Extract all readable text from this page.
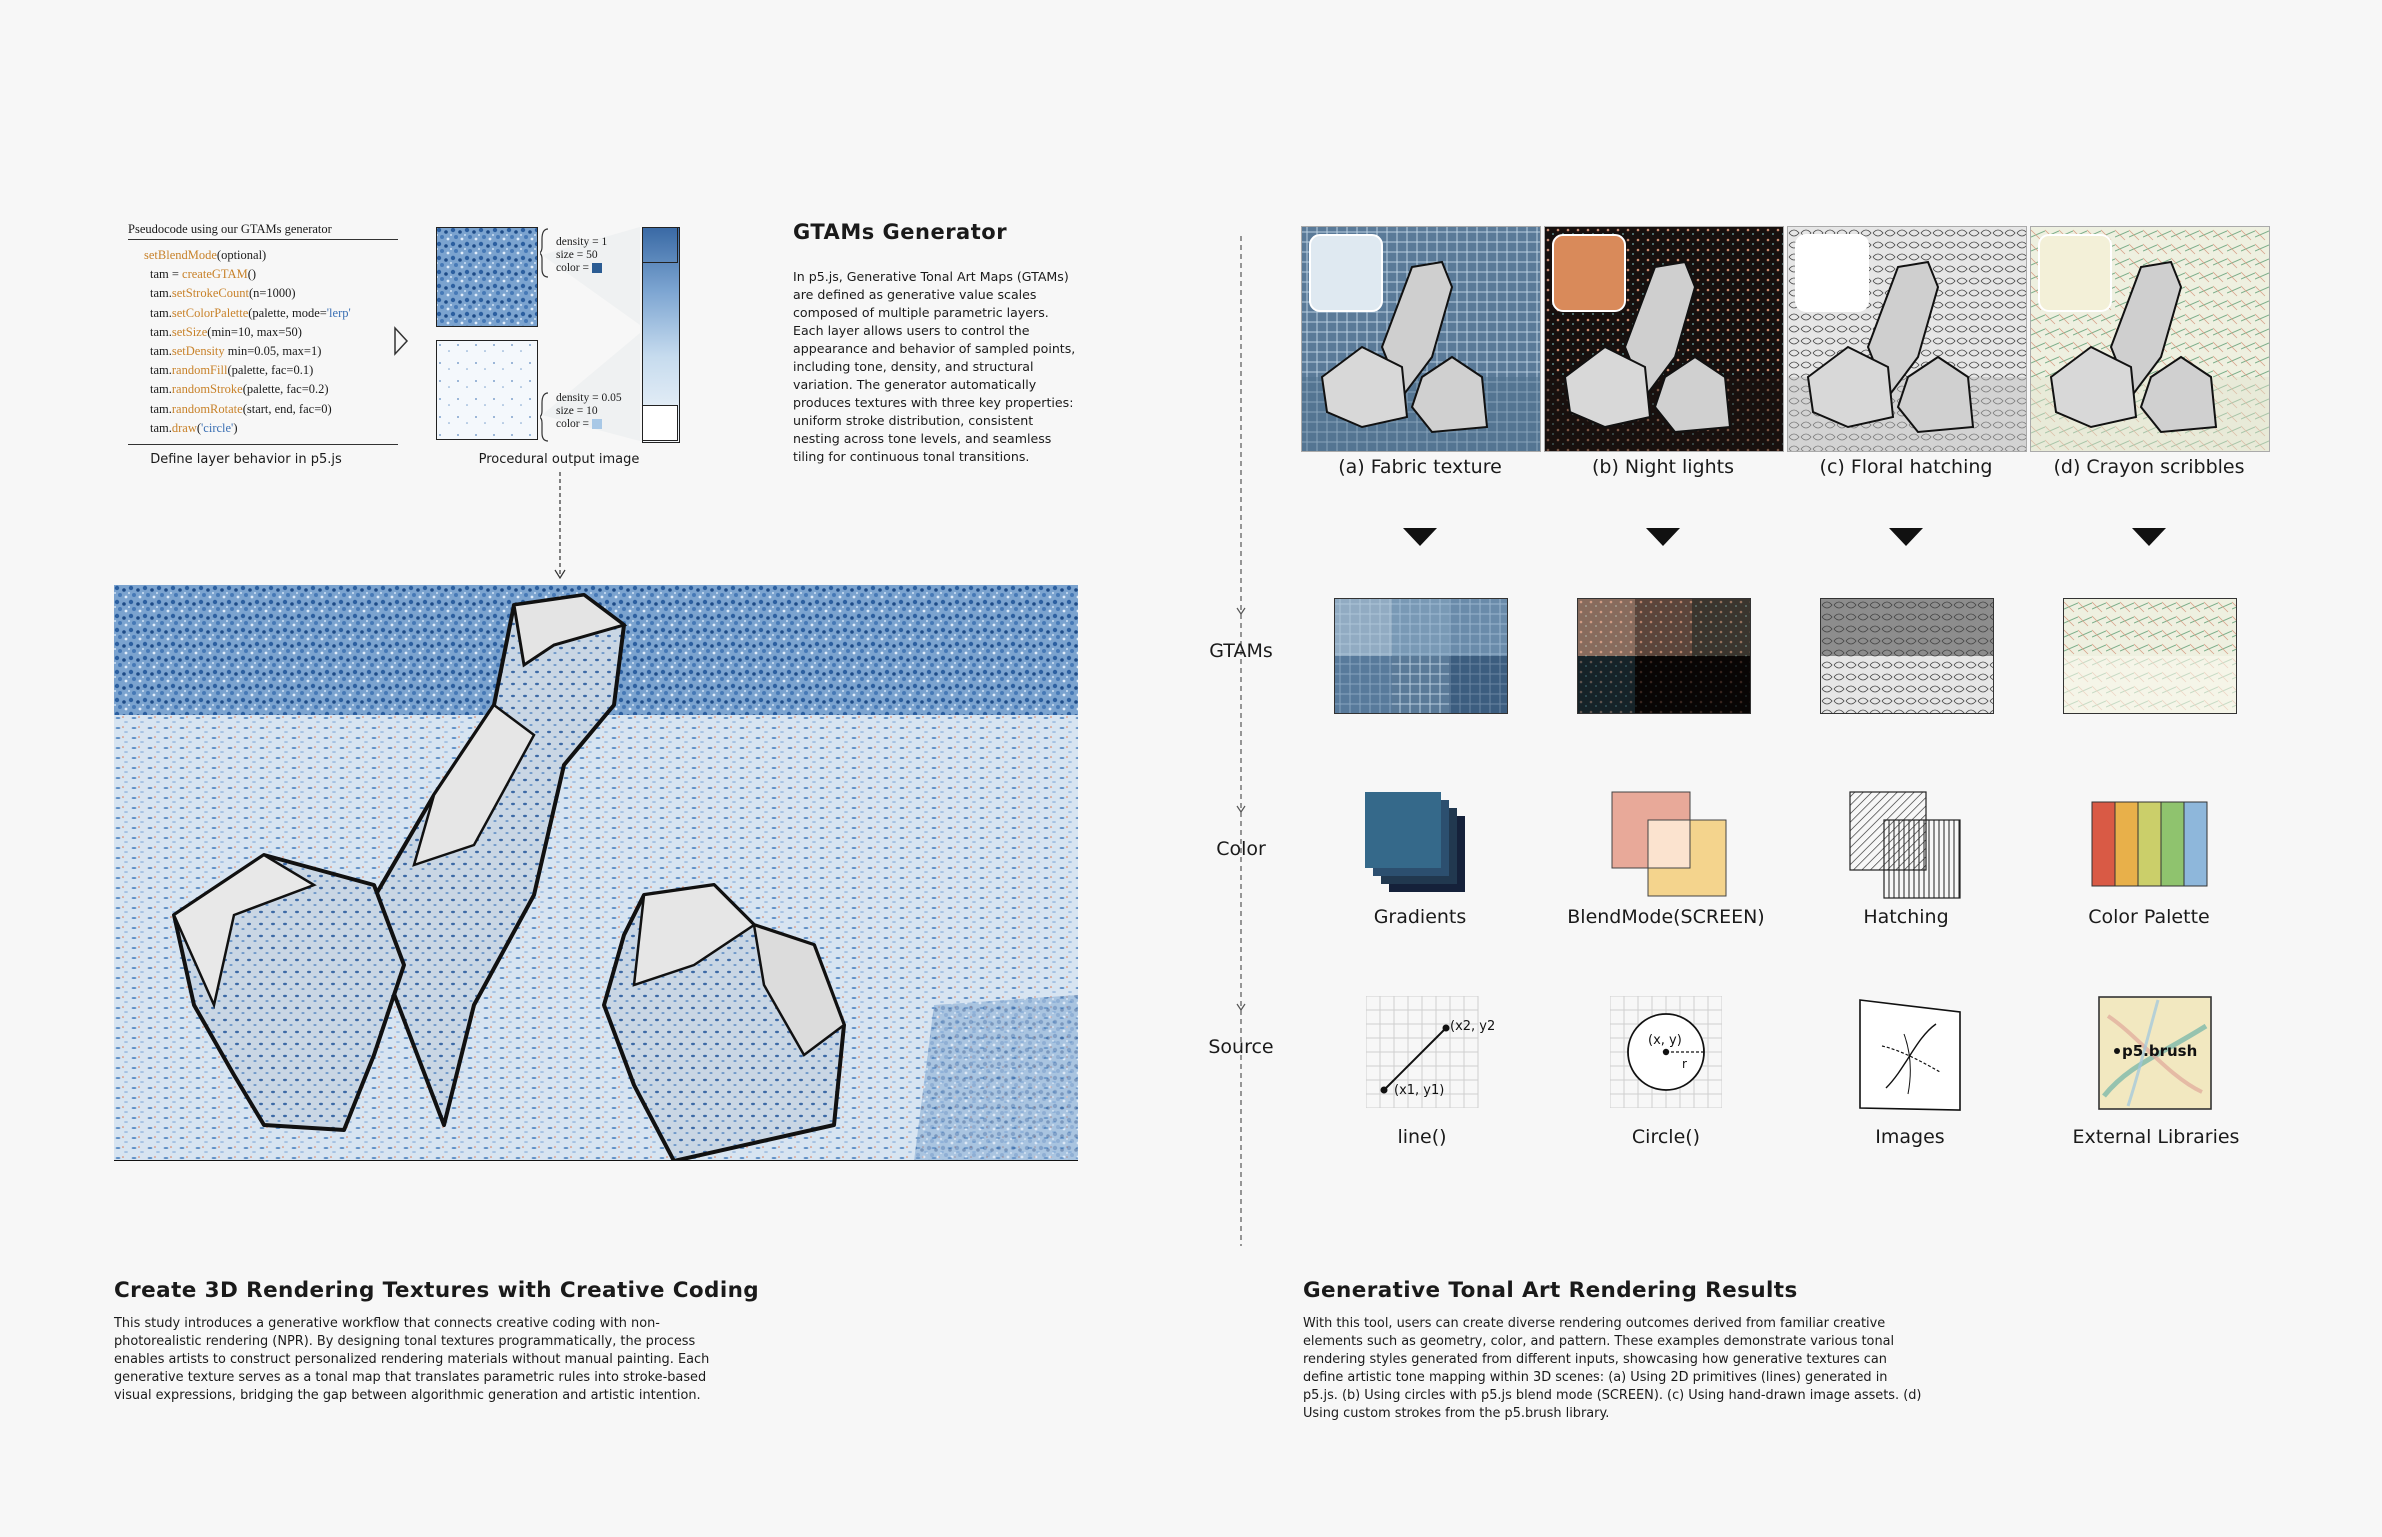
Pseudocode using our GTAMs generator
setBlendMode(optional)
tam = createGTAM()
tam.setStrokeCount(n=1000)
tam.setColorPalette(palette, mode='lerp'
tam.setSize(min=10, max=50)
tam.setDensity min=0.05, max=1)
tam.randomFill(palette, fac=0.1)
tam.randomStroke(palette, fac=0.2)
tam.randomRotate(start, end, fac=0)
tam.draw('circle')
Define layer behavior in p5.js
density = 1
size = 50
color =
density = 0.05
size = 10
color =
Procedural output image
GTAMs Generator
In p5.js, Generative Tonal Art Maps (GTAMs) are defined as generative value scales composed of multiple parametric layers. Each layer allows users to control the appearance and behavior of sampled points, including tone, density, and structural variation. The generator automatically produces textures with three key properties: uniform stroke distribution, consistent nesting across tone levels, and seamless tiling for continuous tonal transitions.
GTAMs
Color
Source
(a) Fabric texture	(b) Night lights	(c) Floral hatching	(d) Crayon scribbles
(x1, y1)
(x2, y2)
(x, y)
r
p5.brush
Gradients	BlendMode(SCREEN)	Hatching	Color Palette
line()	Circle()	Images	External Libraries
Create 3D Rendering Textures with Creative Coding
This study introduces a generative workflow that connects creative coding with non-photorealistic rendering (NPR). By designing tonal textures programmatically, the process enables artists to construct personalized rendering materials without manual painting. Each generative texture serves as a tonal map that translates parametric rules into stroke-based visual expressions, bridging the gap between algorithmic generation and artistic intention.
Generative Tonal Art Rendering Results
With this tool, users can create diverse rendering outcomes derived from familiar creative elements such as geometry, color, and pattern. These examples demonstrate various tonal rendering styles generated from different inputs, showcasing how generative textures can define artistic tone mapping within 3D scenes: (a) Using 2D primitives (lines) generated in p5.js. (b) Using circles with p5.js blend mode (SCREEN). (c) Using hand-drawn image assets. (d) Using custom strokes from the p5.brush library.
